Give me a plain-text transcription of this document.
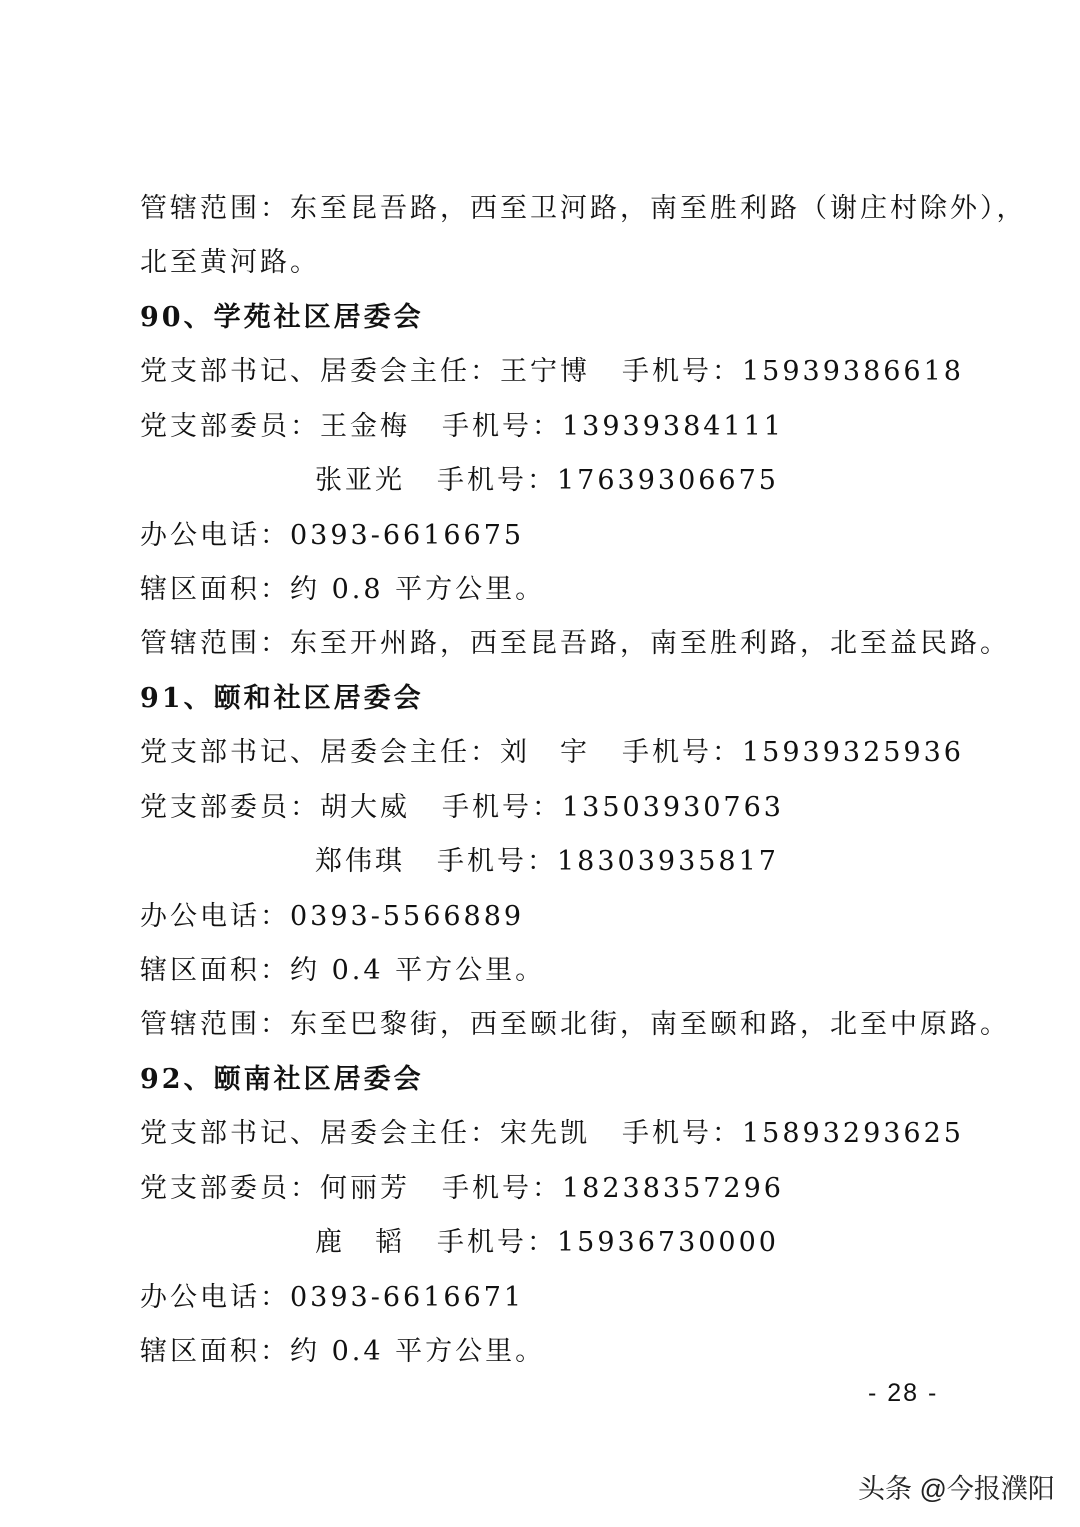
管辖范围：东至昆吾路，西至卫河路，南至胜利路（谢庄村除外），
北至黄河路。
90、学苑社区居委会
党支部书记、居委会主任：王宁博 手机号：15939386618
党支部委员：王金梅 手机号：13939384111
张亚光 手机号：17639306675
办公电话：0393-6616675
辖区面积：约 0.8 平方公里。
管辖范围：东至开州路，西至昆吾路，南至胜利路，北至益民路。
91、颐和社区居委会
党支部书记、居委会主任：刘　宇 手机号：15939325936
党支部委员：胡大威 手机号：13503930763
郑伟琪 手机号：18303935817
办公电话：0393-5566889
辖区面积：约 0.4 平方公里。
管辖范围：东至巴黎街，西至颐北街，南至颐和路，北至中原路。
92、颐南社区居委会
党支部书记、居委会主任：宋先凯 手机号：15893293625
党支部委员：何丽芳 手机号：18238357296
鹿　韬 手机号：15936730000
办公电话：0393-6616671
辖区面积：约 0.4 平方公里。
- 28 -
头条 @今报濮阳
